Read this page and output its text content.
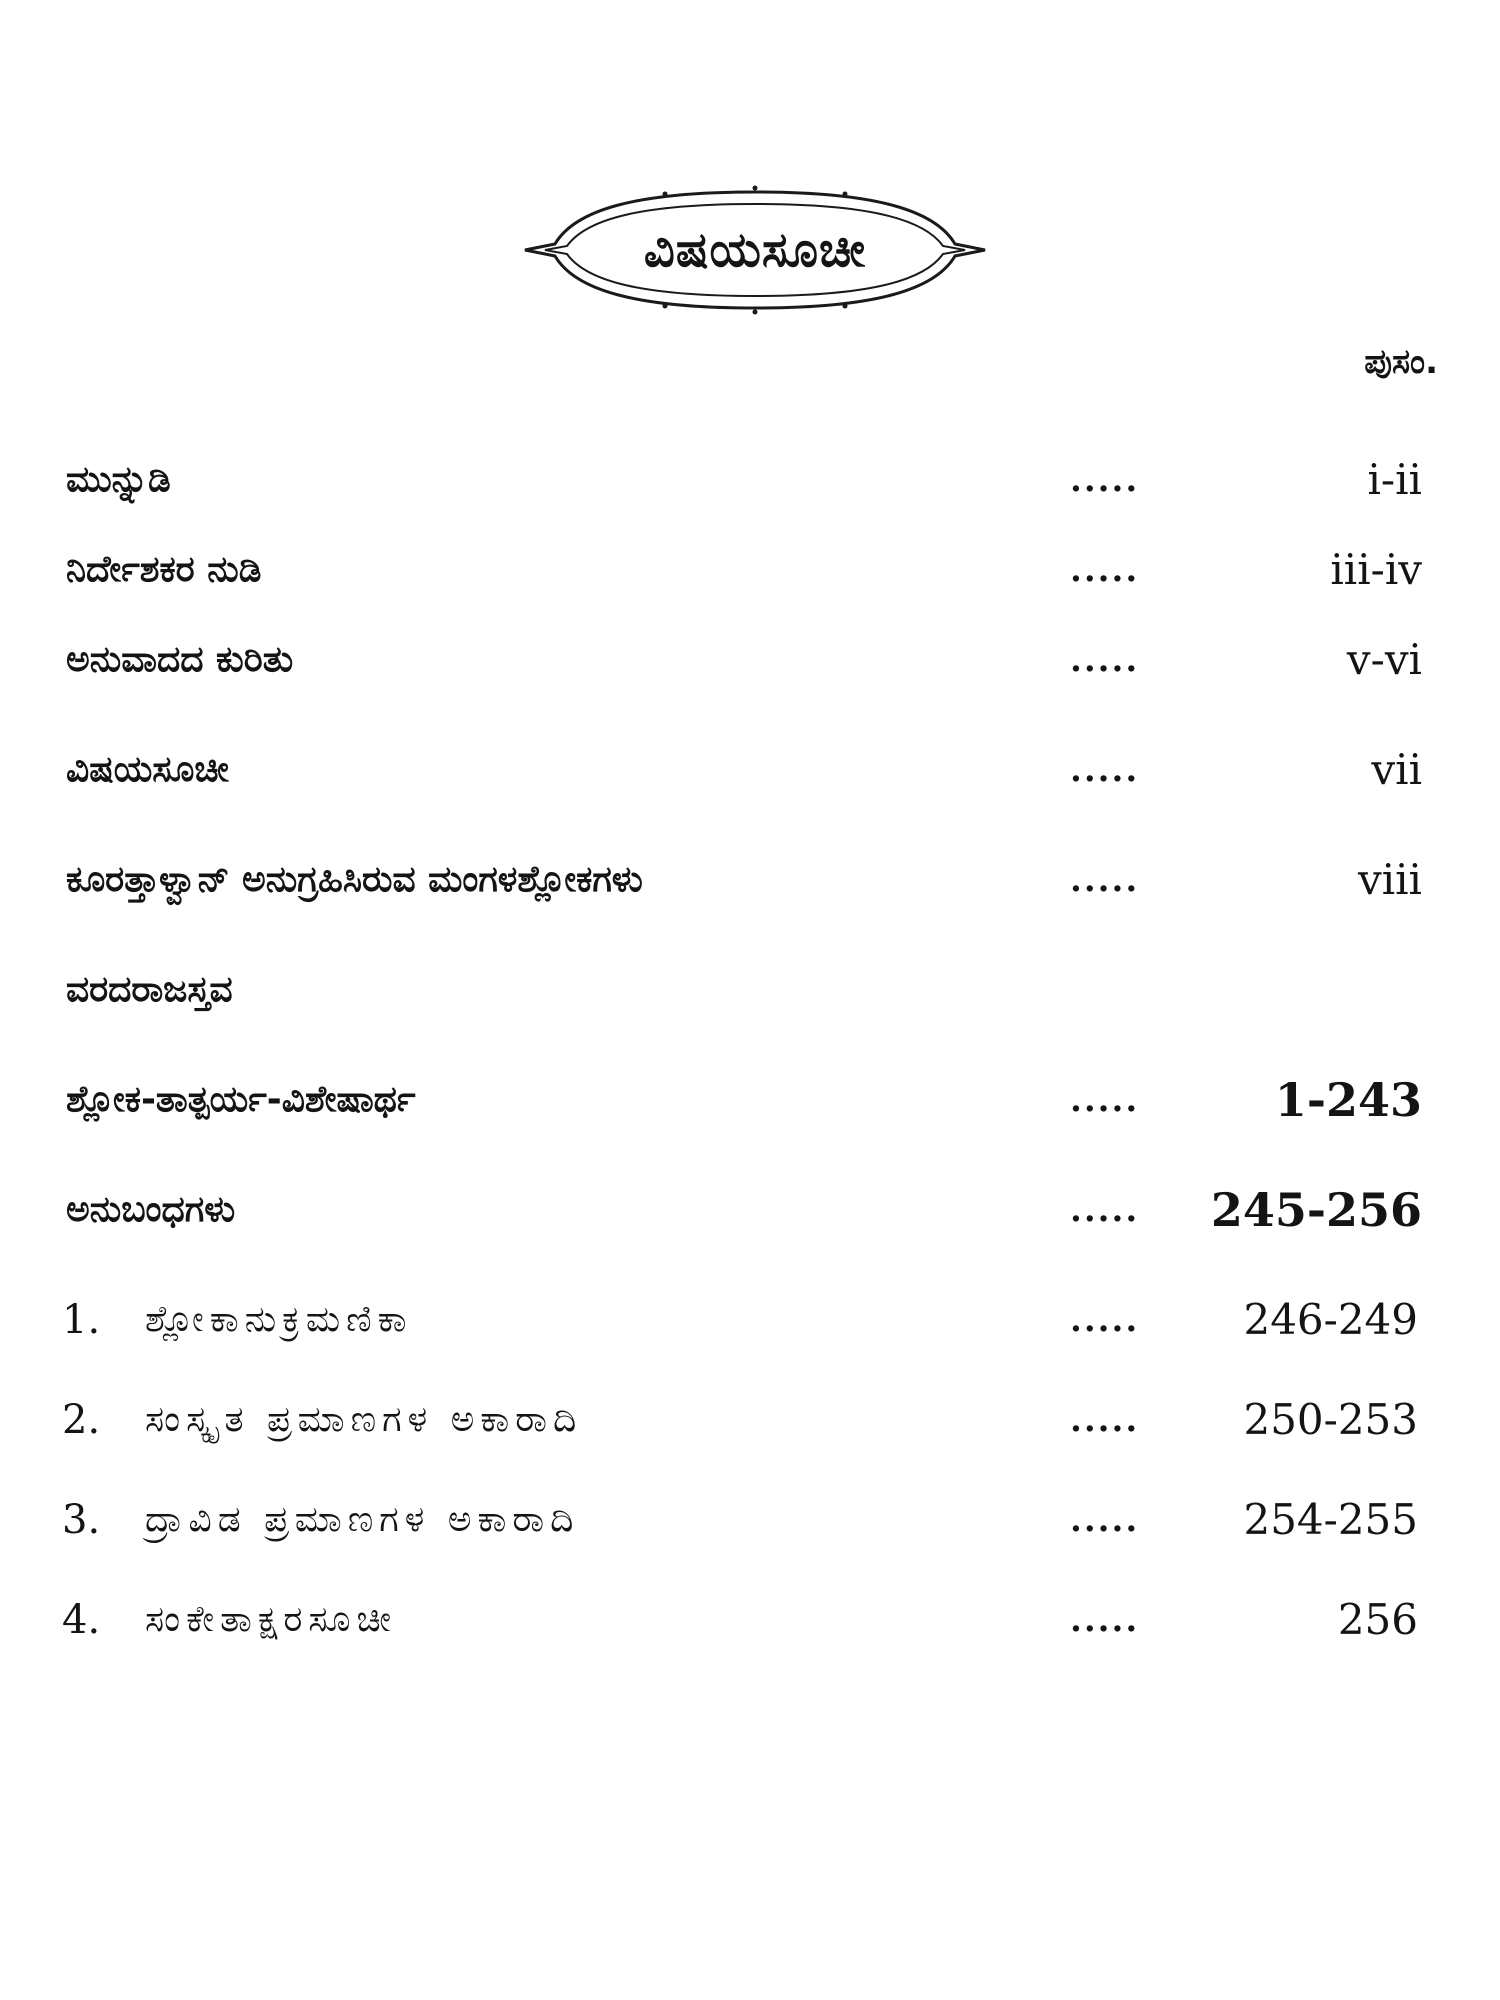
ವಿಷಯಸೂಚೀ
ಪುಸಂ.
ಮುನ್ನುಡಿ	.....	i-ii
ನಿರ್ದೇಶಕರ ನುಡಿ	.....	iii-iv
ಅನುವಾದದ ಕುರಿತು	.....	v-vi
ವಿಷಯಸೂಚೀ	.....	vii
ಕೂರತ್ತಾಳ್ವಾನ್ ಅನುಗ್ರಹಿಸಿರುವ ಮಂಗಳಶ್ಲೋಕಗಳು	.....	viii
ವರದರಾಜಸ್ತವ
ಶ್ಲೋಕ-ತಾತ್ಪರ್ಯ-ವಿಶೇಷಾರ್ಥ	.....	1-243
ಅನುಬಂಧಗಳು	..... 245-256
1. ಶ್ಲೋಕಾನುಕ್ರಮಣಿಕಾ	..... 246-249
2. ಸಂಸ್ಕೃತ ಪ್ರಮಾಣಗಳ ಅಕಾರಾದಿ	..... 250-253
3. ದ್ರಾವಿಡ ಪ್ರಮಾಣಗಳ ಅಕಾರಾದಿ	..... 254-255
4. ಸಂಕೇತಾಕ್ಷರಸೂಚೀ	.....	256
